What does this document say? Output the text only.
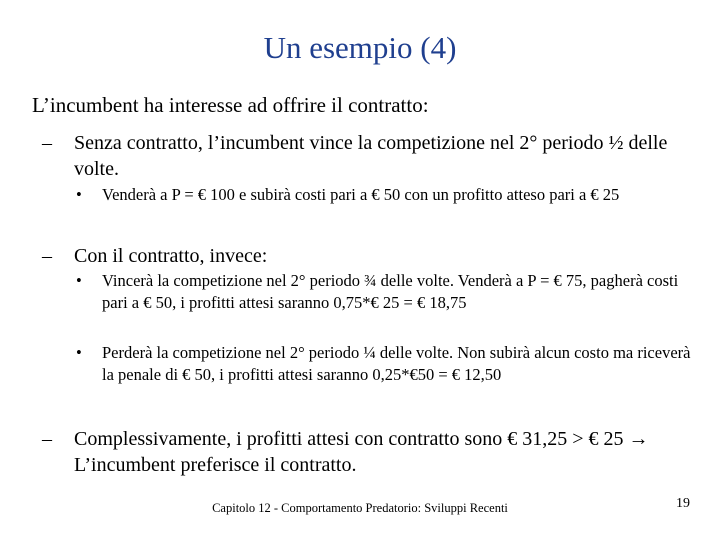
Un esempio (4)
L’incumbent ha interesse ad offrire il contratto:
– Senza contratto, l’incumbent vince la competizione nel 2° periodo ½ delle volte.
• Venderà a P = € 100 e subirà costi pari a € 50 con un profitto atteso pari a € 25
– Con il contratto, invece:
• Vincerà la competizione nel 2° periodo ¾ delle volte. Venderà a P = € 75, pagherà costi pari a € 50, i profitti attesi saranno 0,75*€ 25 = € 18,75
• Perderà la competizione nel 2° periodo ¼ delle volte. Non subirà alcun costo ma riceverà la penale di € 50, i profitti attesi saranno 0,25*€50 = € 12,50
– Complessivamente, i profitti attesi con contratto sono € 31,25 > € 25 → L’incumbent preferisce il contratto.
Capitolo 12 - Comportamento Predatorio: Sviluppi Recenti	19
